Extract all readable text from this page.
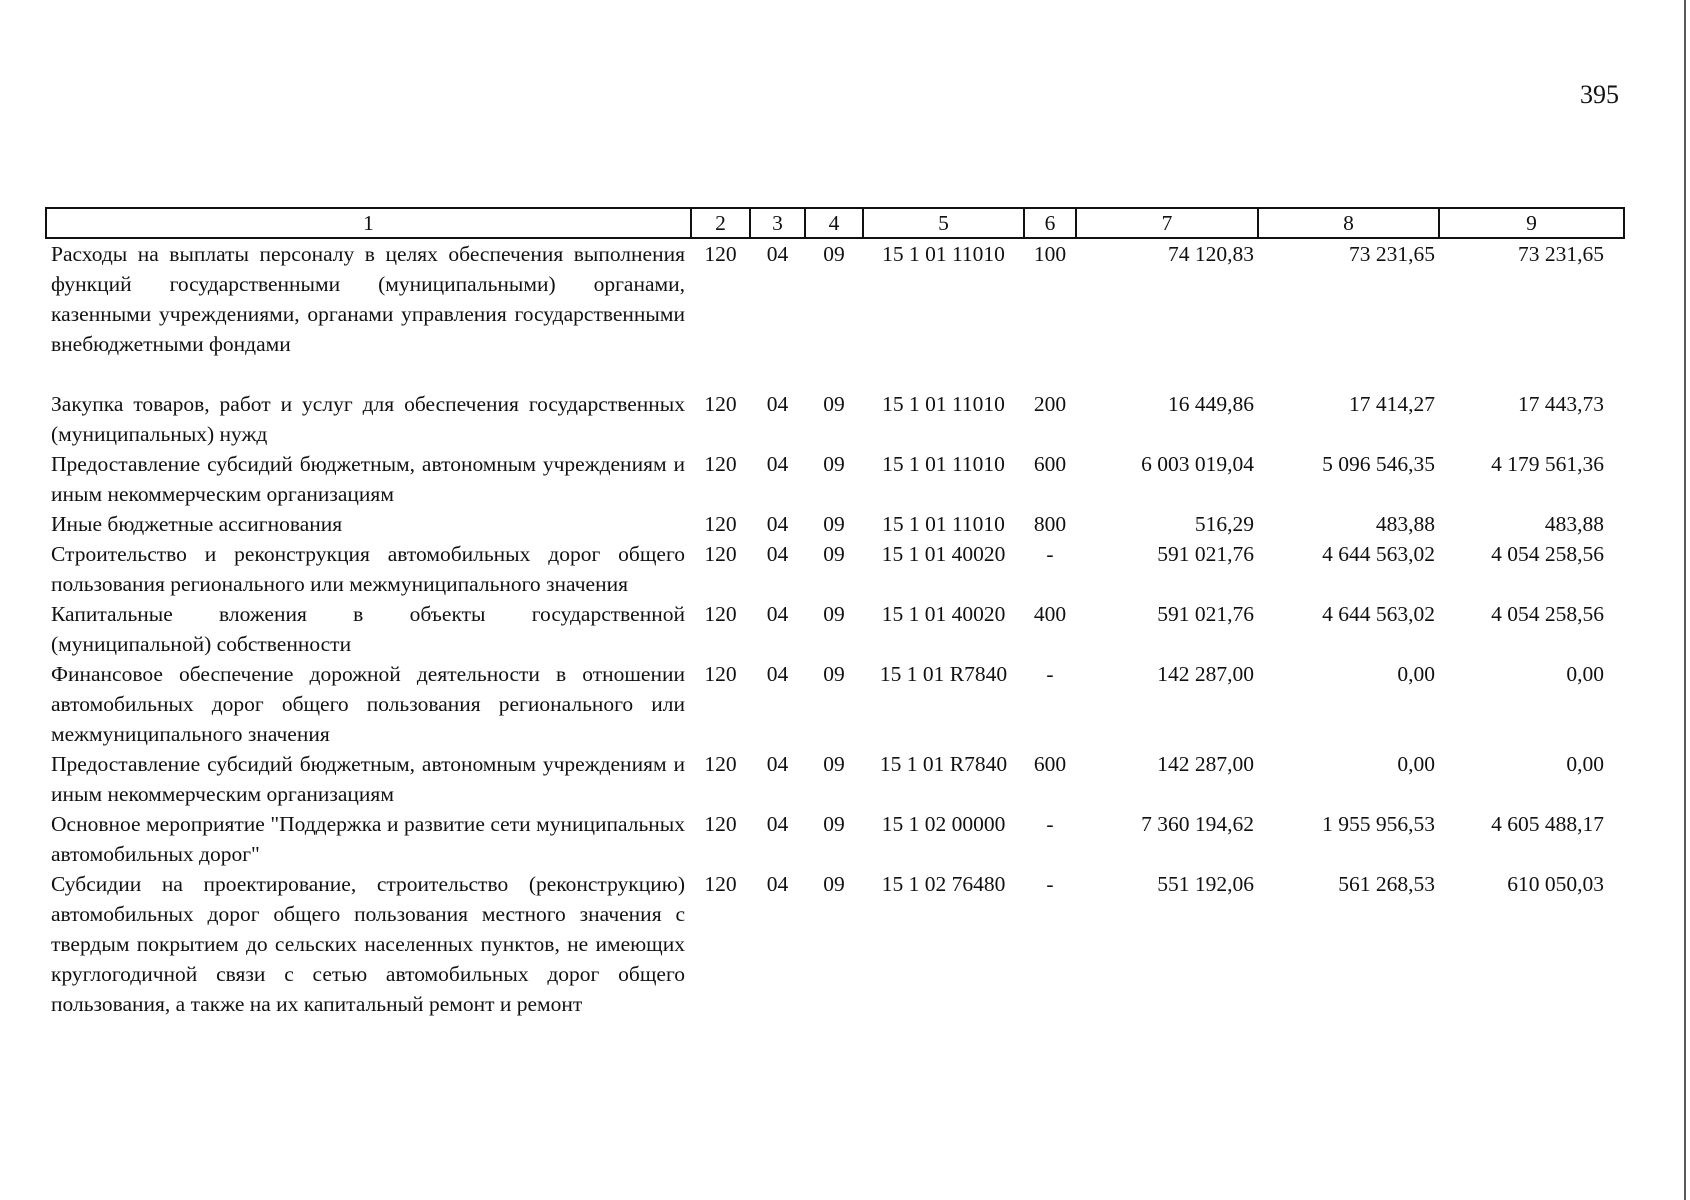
395
1	2	3	4	5	6	7	8	9
Расходы на выплаты персоналу в целях обеспечения выполнения функций государственными (муниципальными) органами, казенными учреждениями, органами управления государственными внебюджетными фондами	120	04	09	15 1 01 11010	100	74 120,83	73 231,65	73 231,65
Закупка товаров, работ и услуг для обеспечения государственных (муниципальных) нужд	120	04	09	15 1 01 11010	200	16 449,86	17 414,27	17 443,73
Предоставление субсидий бюджетным, автономным учреждениям и иным некоммерческим организациям	120	04	09	15 1 01 11010	600	6 003 019,04	5 096 546,35	4 179 561,36
Иные бюджетные ассигнования	120	04	09	15 1 01 11010	800	516,29	483,88	483,88
Строительство и реконструкция автомобильных дорог общего пользования регионального или межмуниципального значения	120	04	09	15 1 01 40020	-	591 021,76	4 644 563,02	4 054 258,56
Капитальные вложения в объекты государственной (муниципальной) собственности	120	04	09	15 1 01 40020	400	591 021,76	4 644 563,02	4 054 258,56
Финансовое обеспечение дорожной деятельности в отношении автомобильных дорог общего пользования регионального или межмуниципального значения	120	04	09	15 1 01 R7840	-	142 287,00	0,00	0,00
Предоставление субсидий бюджетным, автономным учреждениям и иным некоммерческим организациям	120	04	09	15 1 01 R7840	600	142 287,00	0,00	0,00
Основное мероприятие "Поддержка и развитие сети муниципальных автомобильных дорог"	120	04	09	15 1 02 00000	-	7 360 194,62	1 955 956,53	4 605 488,17
Субсидии на проектирование, строительство (реконструкцию) автомобильных дорог общего пользования местного значения с твердым покрытием до сельских населенных пунктов, не имеющих круглогодичной связи с сетью автомобильных дорог общего пользования, а также на их капитальный ремонт и ремонт	120	04	09	15 1 02 76480	-	551 192,06	561 268,53	610 050,03
